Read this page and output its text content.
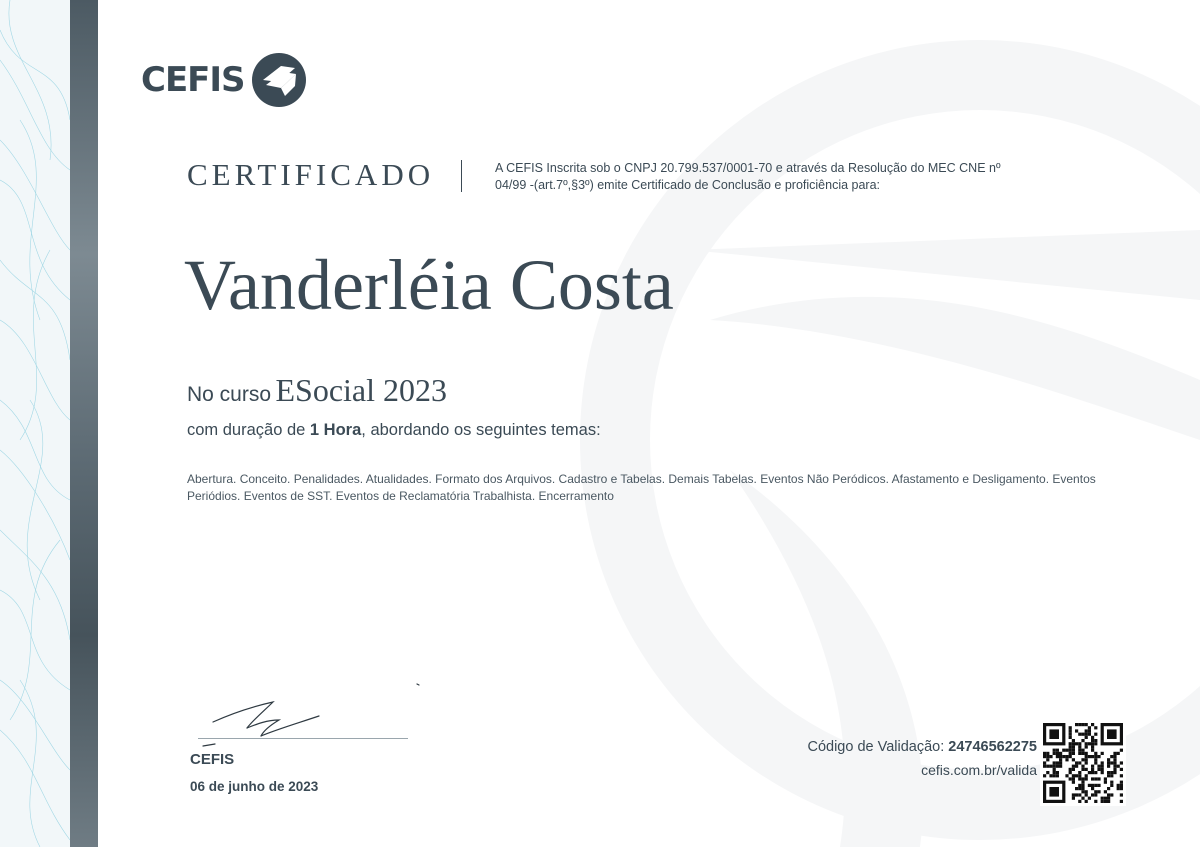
CEFIS
CERTIFICADO	A CEFIS Inscrita sob o CNPJ 20.799.537/0001-70 e através da Resolução do MEC CNE nº 04/99 -(art.7º,§3º) emite Certificado de Conclusão e proficiência para:
Vanderléia Costa
No curso ESocial 2023
com duração de 1 Hora, abordando os seguintes temas:
Abertura. Conceito. Penalidades. Atualidades. Formato dos Arquivos. Cadastro e Tabelas. Demais Tabelas. Eventos Não Peródicos. Afastamento e Desligamento. Eventos Periódios. Eventos de SST. Eventos de Reclamatória Trabalhista. Encerramento
CEFIS
06 de junho de 2023
Código de Validação: 24746562275
cefis.com.br/valida
